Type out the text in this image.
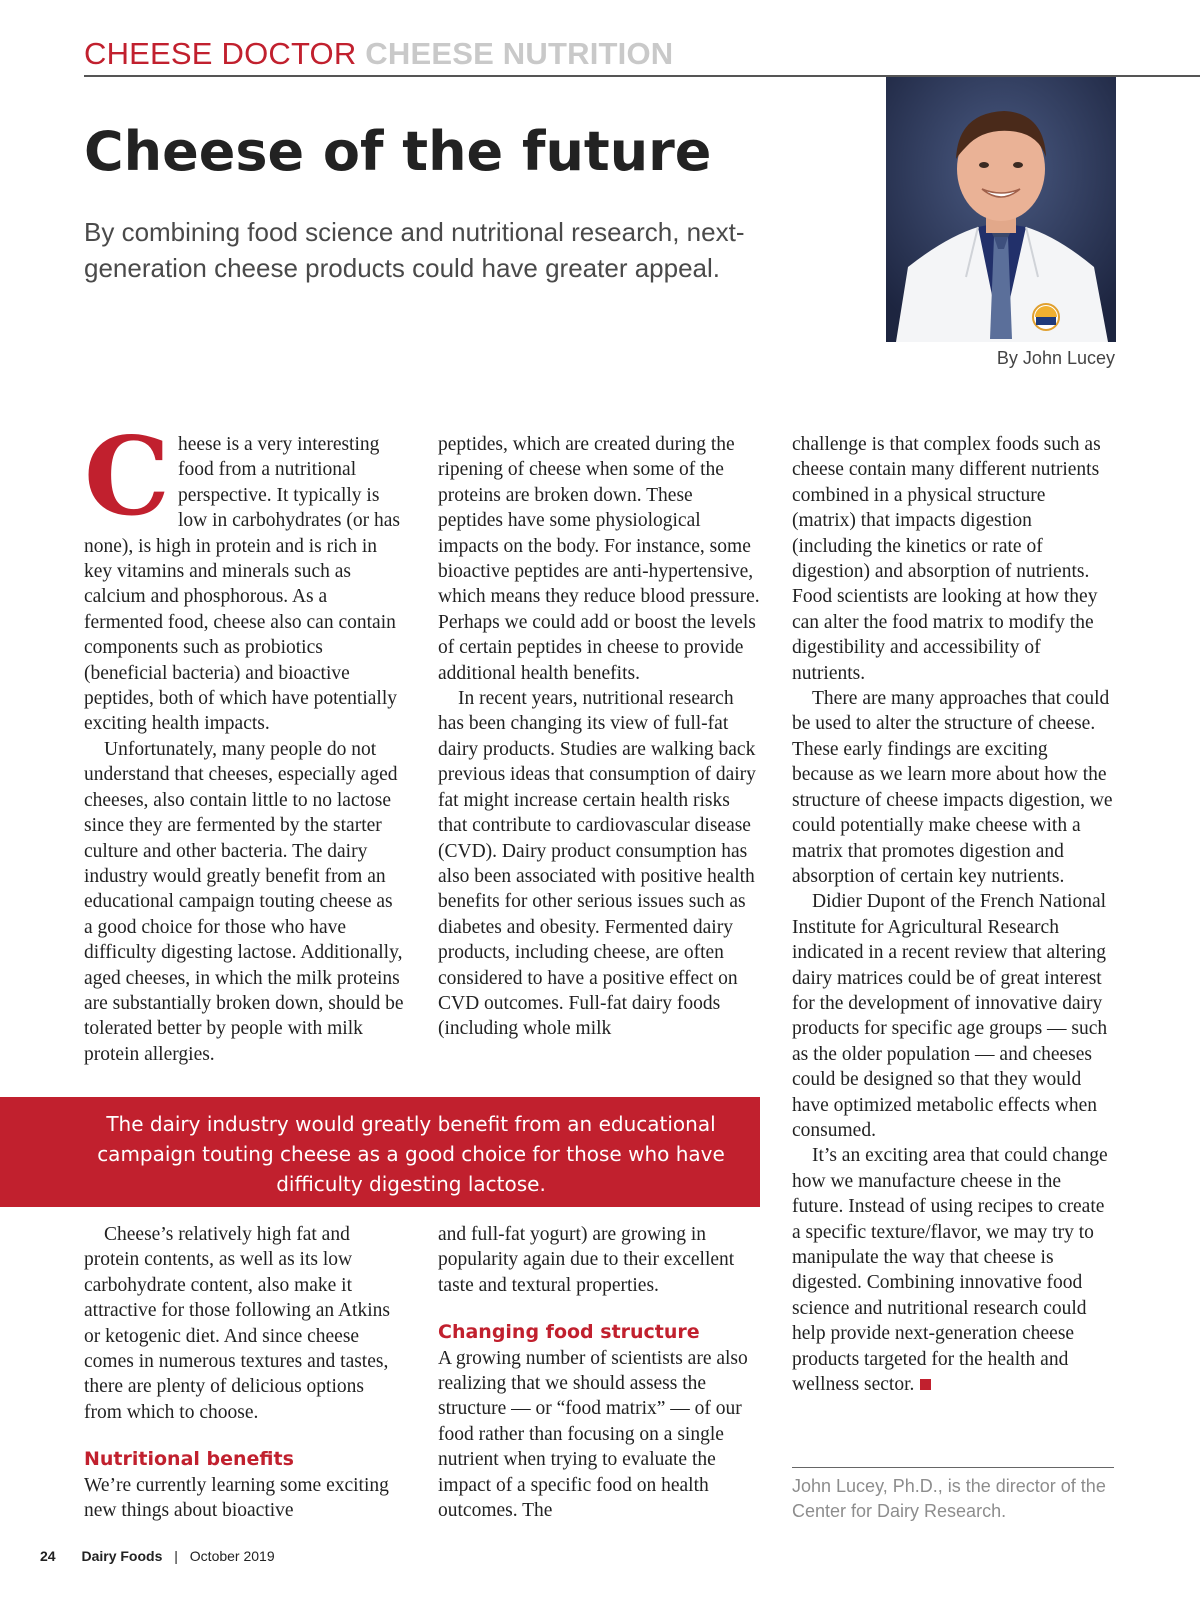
CHEESE DOCTOR CHEESE NUTRITION
Cheese of the future

By combining food science and nutritional research, next-generation cheese products could have greater appeal.

By John Lucey
C heese is a very interesting food from a nutritional perspective. It typically is low in carbohydrates (or has none), is high in protein and is rich in key vitamins and minerals such as calcium and phosphorous. As a fermented food, cheese also can contain components such as probiotics (beneficial bacteria) and bioactive peptides, both of which have potentially exciting health impacts.

Unfortunately, many people do not understand that cheeses, especially aged cheeses, also contain little to no lactose since they are fermented by the starter culture and other bacteria. The dairy industry would greatly benefit from an educational campaign touting cheese as a good choice for those who have difficulty digesting lactose. Additionally, aged cheeses, in which the milk proteins are substantially broken down, should be tolerated better by people with milk protein allergies.

Cheese’s relatively high fat and protein contents, as well as its low carbohydrate content, also make it attractive for those following an Atkins or ketogenic diet. And since cheese comes in numerous textures and tastes, there are plenty of delicious options from which to choose.

Nutritional benefits

We’re currently learning some exciting new things about bioactive

peptides, which are created during the ripening of cheese when some of the proteins are broken down. These peptides have some physiological impacts on the body. For instance, some bioactive peptides are anti-hypertensive, which means they reduce blood pressure. Perhaps we could add or boost the levels of certain peptides in cheese to provide additional health benefits.

In recent years, nutritional research has been changing its view of full-fat dairy products. Studies are walking back previous ideas that consumption of dairy fat might increase certain health risks that contribute to cardiovascular disease (CVD). Dairy product consumption has also been associated with positive health benefits for other serious issues such as diabetes and obesity. Fermented dairy products, including cheese, are often considered to have a positive effect on CVD outcomes. Full-fat dairy foods (including whole milk

and full-fat yogurt) are growing in popularity again due to their excellent taste and textural properties.

Changing food structure

A growing number of scientists are also realizing that we should assess the structure — or “food matrix” — of our food rather than focusing on a single nutrient when trying to evaluate the impact of a specific food on health outcomes. The

challenge is that complex foods such as cheese contain many different nutrients combined in a physical structure (matrix) that impacts digestion (including the kinetics or rate of digestion) and absorption of nutrients. Food scientists are looking at how they can alter the food matrix to modify the digestibility and accessibility of nutrients.

There are many approaches that could be used to alter the structure of cheese. These early findings are exciting because as we learn more about how the structure of cheese impacts digestion, we could potentially make cheese with a matrix that promotes digestion and absorption of certain key nutrients.

Didier Dupont of the French National Institute for Agricultural Research indicated in a recent review that altering dairy matrices could be of great interest for the development of innovative dairy products for specific age groups — such as the older population — and cheeses could be designed so that they would have optimized metabolic effects when consumed.

It’s an exciting area that could change how we manufacture cheese in the future. Instead of using recipes to create a specific texture/flavor, we may try to manipulate the way that cheese is digested. Combining innovative food science and nutritional research could help provide next-generation cheese products targeted for the health and wellness sector.

The dairy industry would greatly benefit from an educational campaign touting cheese as a good choice for those who have difficulty digesting lactose.

John Lucey, Ph.D., is the director of the Center for Dairy Research.

24 Dairy Foods | October 2019
